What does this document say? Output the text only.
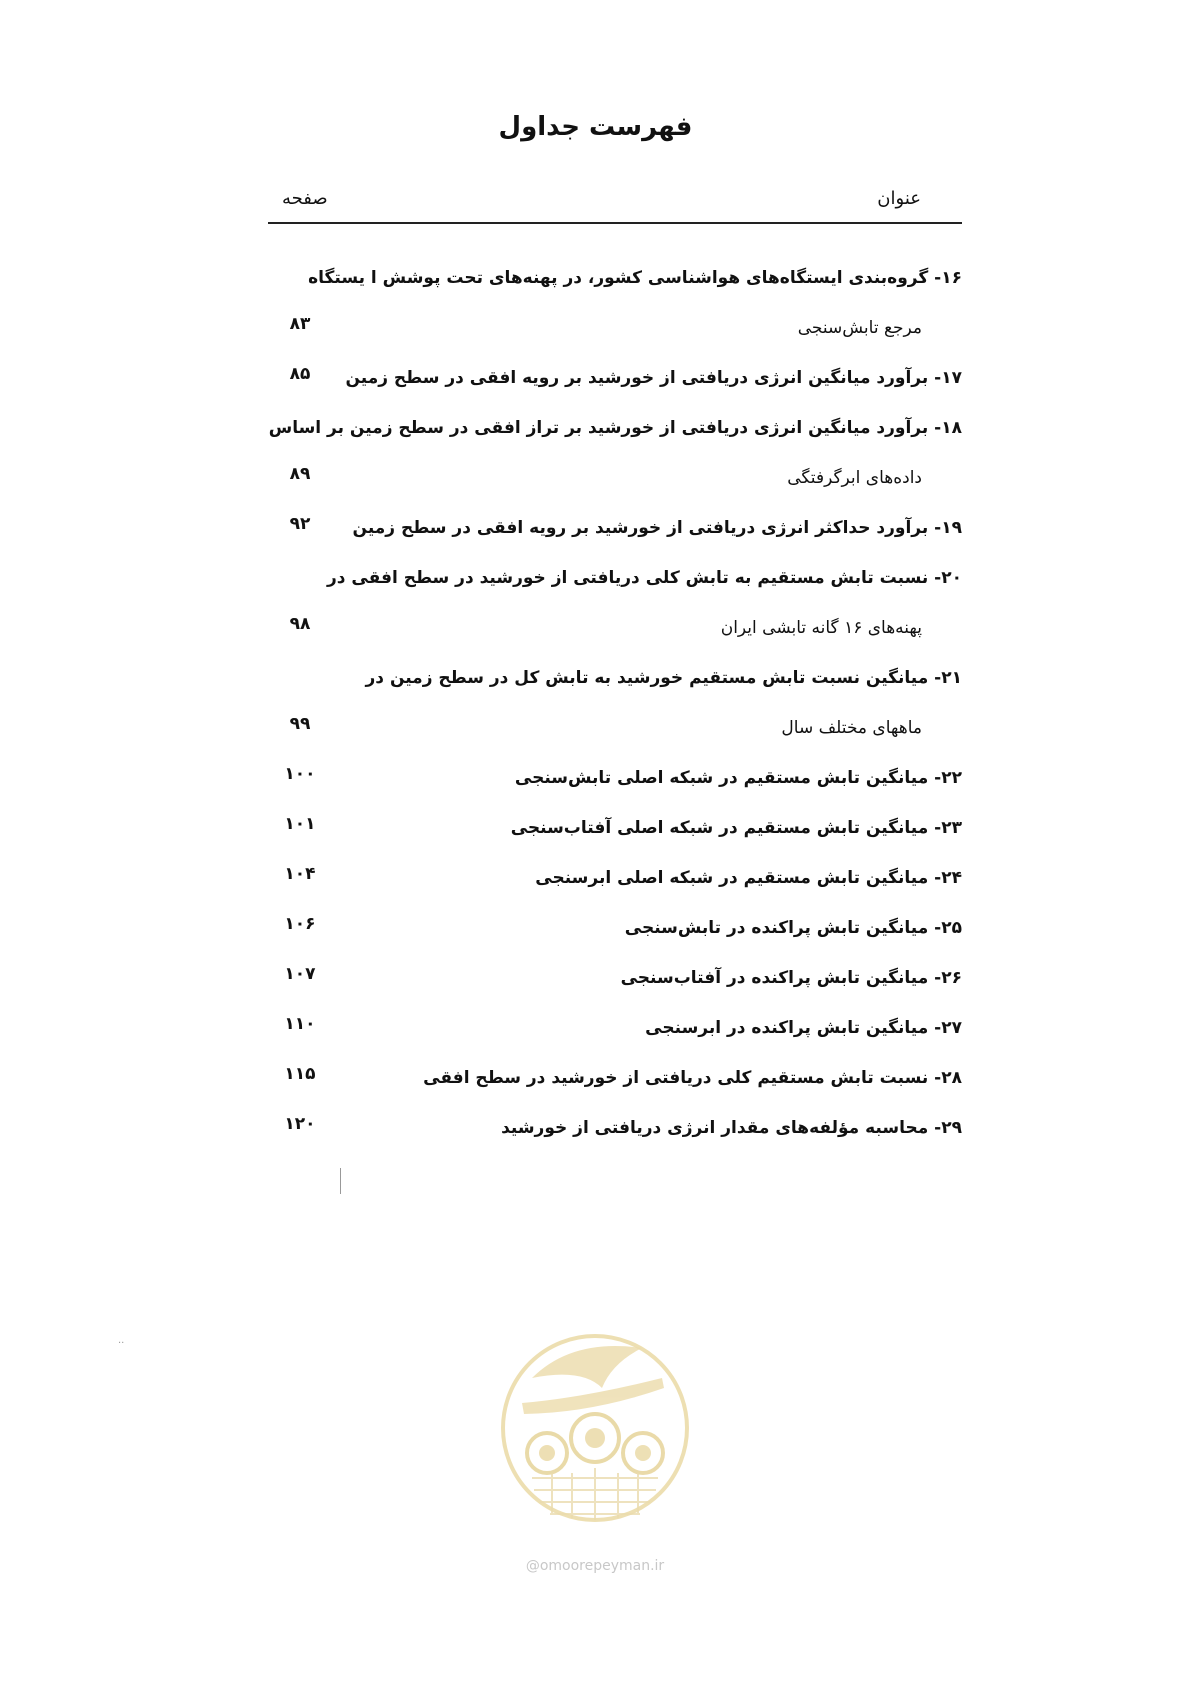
فهرست جداول
عنوان
صفحه
۱۶- گروه‌بندی ایستگاه‌های هواشناسی کشور، در پهنه‌های تحت پوشش ا یستگاه
مرجع تابش‌سنجی
۸۳
۱۷- برآورد میانگین انرژی دریافتی از خورشید بر رویه افقی در سطح زمین
۸۵
۱۸- برآورد میانگین انرژی دریافتی از خورشید بر تراز افقی در سطح زمین بر اساس
داده‌های ابرگرفتگی
۸۹
۱۹- برآورد حداکثر انرژی دریافتی از خورشید بر رویه افقی در سطح زمین
۹۲
۲۰- نسبت تابش مستقیم به تابش کلی دریافتی از خورشید در سطح افقی در
پهنه‌های ۱۶ گانه تابشی ایران
۹۸
۲۱- میانگین نسبت تابش مستقیم خورشید به تابش کل در سطح زمین در
ماههای مختلف سال
۹۹
۲۲- میانگین تابش مستقیم در شبکه اصلی تابش‌سنجی
۱۰۰
۲۳- میانگین تابش مستقیم در شبکه اصلی آفتاب‌سنجی
۱۰۱
۲۴- میانگین تابش مستقیم در شبکه اصلی ابرسنجی
۱۰۴
۲۵- میانگین تابش پراکنده در تابش‌سنجی
۱۰۶
۲۶- میانگین تابش پراکنده در آفتاب‌سنجی
۱۰۷
۲۷- میانگین تابش پراکنده در ابرسنجی
۱۱۰
۲۸- نسبت تابش مستقیم کلی دریافتی از خورشید در سطح افقی
۱۱۵
۲۹- محاسبه مؤلفه‌های مقدار انرژی دریافتی از خورشید
۱۲۰
··
@omoorepeyman.ir
